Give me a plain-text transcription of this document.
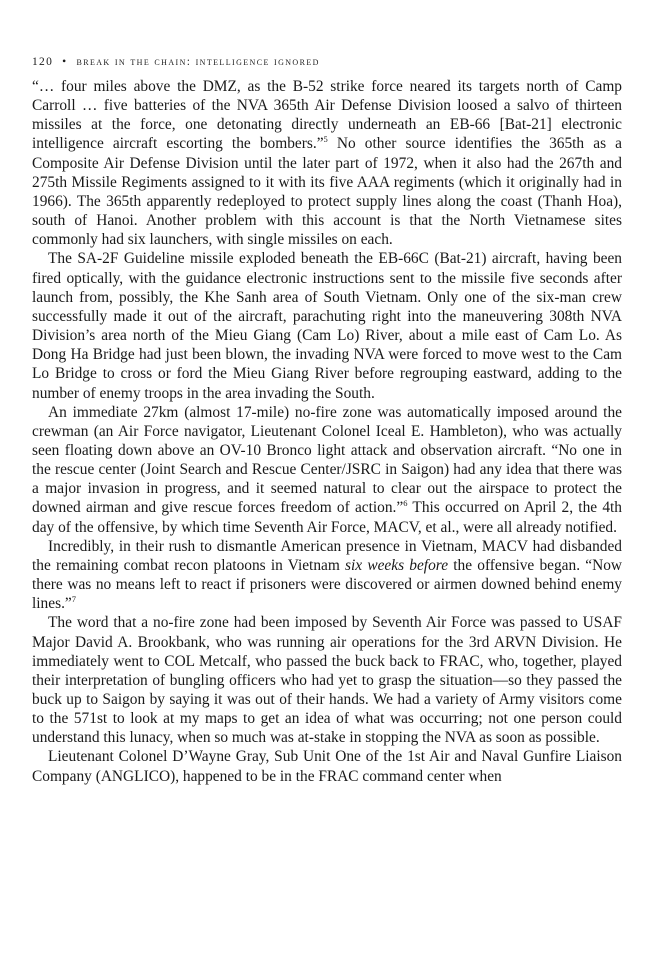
120 • break in the chain: intelligence ignored

“… four miles above the DMZ, as the B-52 strike force neared its targets north of Camp Carroll … five batteries of the NVA 365th Air Defense Division loosed a salvo of thirteen missiles at the force, one detonating directly underneath an EB-66 [Bat-21] electronic intelligence aircraft escorting the bombers.”$^5$ No other source identifies the 365th as a Composite Air Defense Division until the later part of 1972, when it also had the 267th and 275th Missile Regiments assigned to it with its five AAA regiments (which it originally had in 1966). The 365th apparently redeployed to protect supply lines along the coast (Thanh Hoa), south of Hanoi. Another problem with this account is that the North Vietnamese sites commonly had six launchers, with single missiles on each.

The SA-2F Guideline missile exploded beneath the EB-66C (Bat-21) aircraft, having been fired optically, with the guidance electronic instructions sent to the missile five seconds after launch from, possibly, the Khe Sanh area of South Vietnam. Only one of the six-man crew successfully made it out of the aircraft, parachuting right into the maneuvering 308th NVA Division’s area north of the Mieu Giang (Cam Lo) River, about a mile east of Cam Lo. As Dong Ha Bridge had just been blown, the invading NVA were forced to move west to the Cam Lo Bridge to cross or ford the Mieu Giang River before regrouping eastward, adding to the number of enemy troops in the area invading the South.

An immediate 27km (almost 17-mile) no-fire zone was automatically imposed around the crewman (an Air Force navigator, Lieutenant Colonel Iceal E. Hambleton), who was actually seen floating down above an OV-10 Bronco light attack and observation aircraft. “No one in the rescue center (Joint Search and Rescue Center/JSRC in Saigon) had any idea that there was a major invasion in progress, and it seemed natural to clear out the airspace to protect the downed airman and give rescue forces freedom of action.”$^6$ This occurred on April 2, the 4th day of the offensive, by which time Seventh Air Force, MACV, et al., were all already notified.

Incredibly, in their rush to dismantle American presence in Vietnam, MACV had disbanded the remaining combat recon platoons in Vietnam six weeks before the offensive began. “Now there was no means left to react if prisoners were discovered or airmen downed behind enemy lines.”$^7$

The word that a no-fire zone had been imposed by Seventh Air Force was passed to USAF Major David A. Brookbank, who was running air operations for the 3rd ARVN Division. He immediately went to COL Metcalf, who passed the buck back to FRAC, who, together, played their interpretation of bungling officers who had yet to grasp the situation—so they passed the buck up to Saigon by saying it was out of their hands. We had a variety of Army visitors come to the 571st to look at my maps to get an idea of what was occurring; not one person could understand this lunacy, when so much was at-stake in stopping the NVA as soon as possible.

Lieutenant Colonel D’Wayne Gray, Sub Unit One of the 1st Air and Naval Gunfire Liaison Company (ANGLICO), happened to be in the FRAC command center when
